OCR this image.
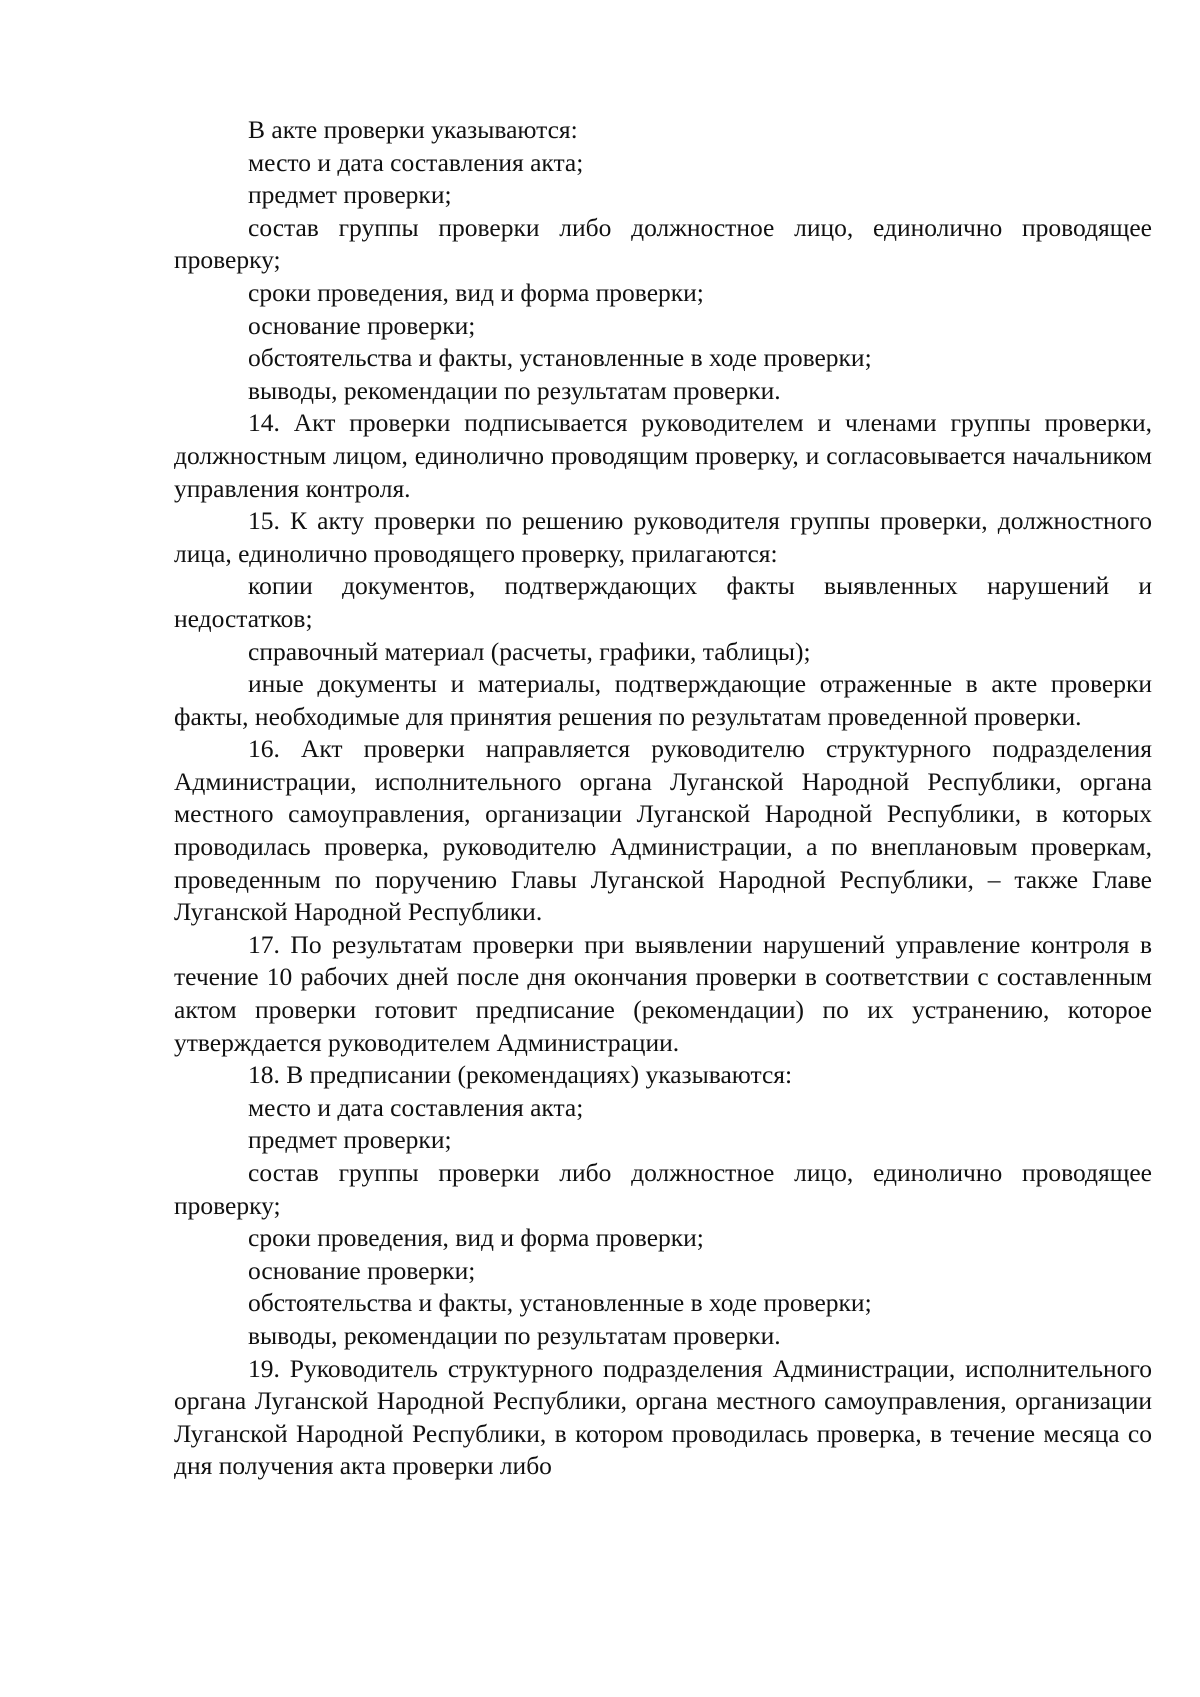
В акте проверки указываются:

место и дата составления акта;

предмет проверки;

состав группы проверки либо должностное лицо, единолично проводящее проверку;

сроки проведения, вид и форма проверки;

основание проверки;

обстоятельства и факты, установленные в ходе проверки;

выводы, рекомендации по результатам проверки.

14. Акт проверки подписывается руководителем и членами группы проверки, должностным лицом, единолично проводящим проверку, и согласовывается начальником управления контроля.

15. К акту проверки по решению руководителя группы проверки, должностного лица, единолично проводящего проверку, прилагаются:

копии документов, подтверждающих факты выявленных нарушений и недостатков;

справочный материал (расчеты, графики, таблицы);

иные документы и материалы, подтверждающие отраженные в акте проверки факты, необходимые для принятия решения по результатам проведенной проверки.

16. Акт проверки направляется руководителю структурного подразделения Администрации, исполнительного органа Луганской Народной Республики, органа местного самоуправления, организации Луганской Народной Республики, в которых проводилась проверка, руководителю Администрации, а по внеплановым проверкам, проведенным по поручению Главы Луганской Народной Республики, – также Главе Луганской Народной Республики.

17. По результатам проверки при выявлении нарушений управление контроля в течение 10 рабочих дней после дня окончания проверки в соответствии с составленным актом проверки готовит предписание (рекомендации) по их устранению, которое утверждается руководителем Администрации.

18. В предписании (рекомендациях) указываются:

место и дата составления акта;

предмет проверки;

состав группы проверки либо должностное лицо, единолично проводящее проверку;

сроки проведения, вид и форма проверки;

основание проверки;

обстоятельства и факты, установленные в ходе проверки;

выводы, рекомендации по результатам проверки.

19. Руководитель структурного подразделения Администрации, исполнительного органа Луганской Народной Республики, органа местного самоуправления, организации Луганской Народной Республики, в котором проводилась проверка, в течение месяца со дня получения акта проверки либо
